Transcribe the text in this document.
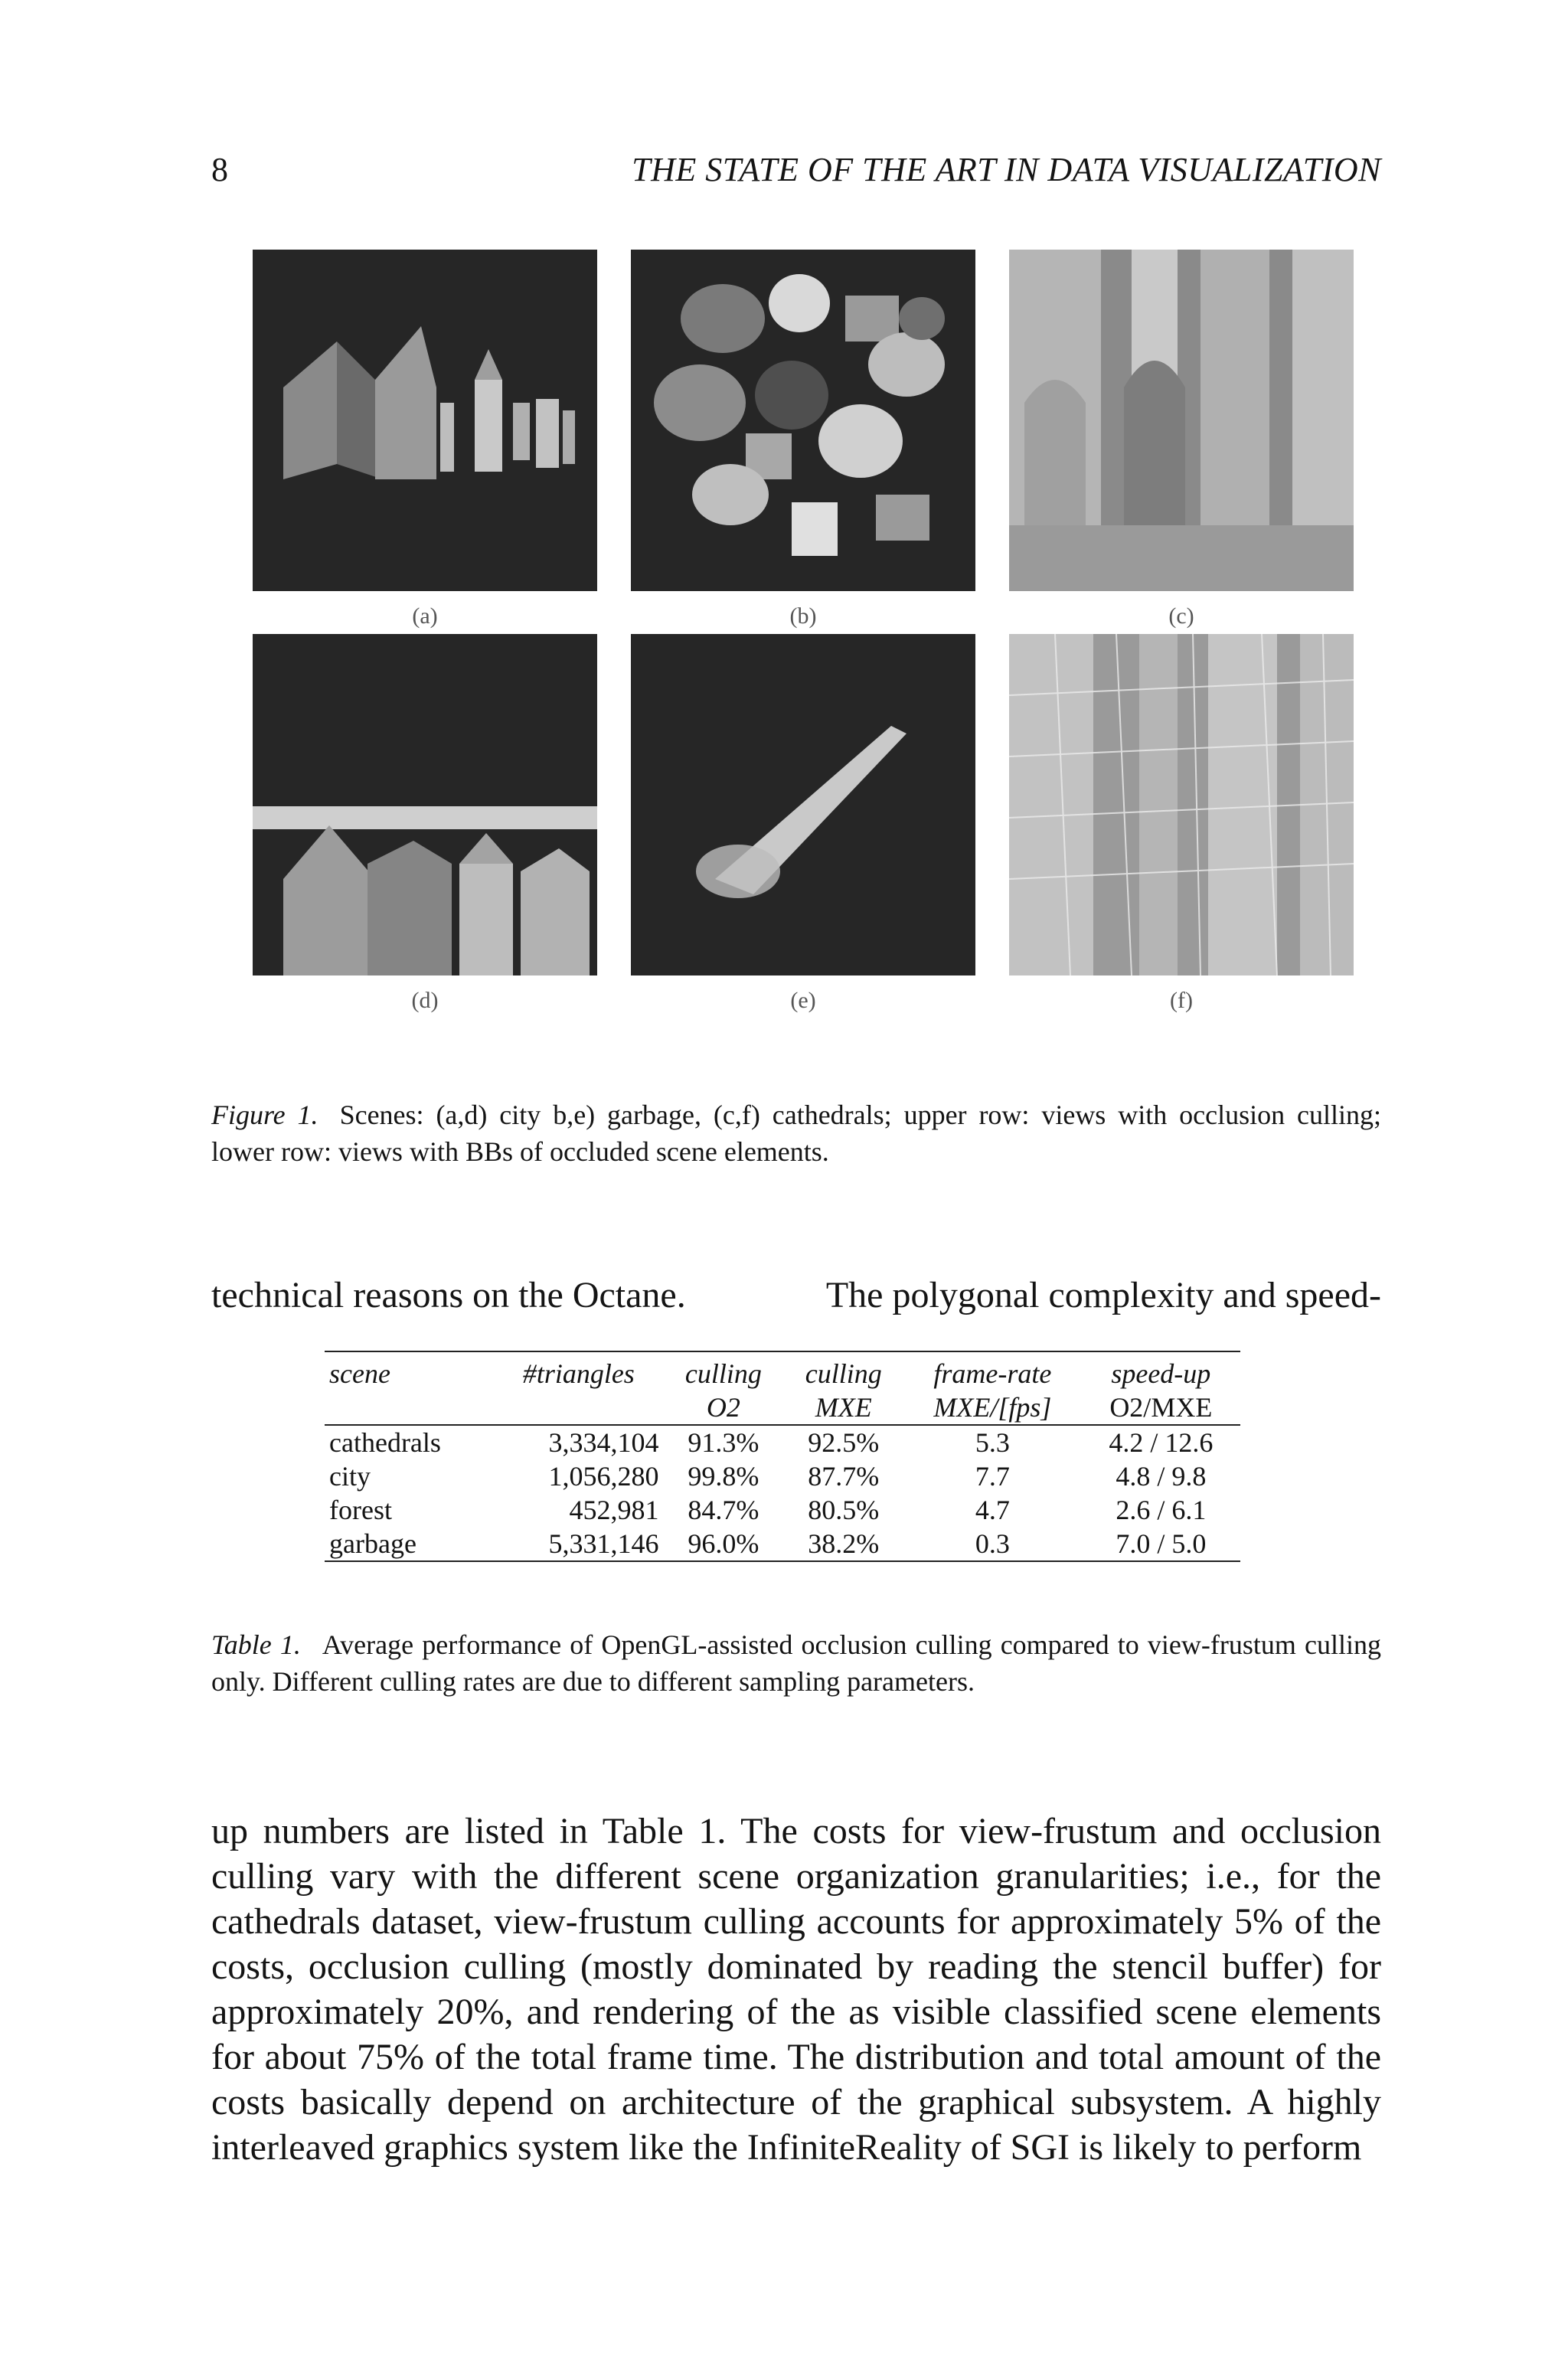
8	THE STATE OF THE ART IN DATA VISUALIZATION
(a)	(b)	(c)
(d)	(e)	(f)
Figure 1. Scenes: (a,d) city b,e) garbage, (c,f) cathedrals; upper row: views with occlusion culling; lower row: views with BBs of occluded scene elements.
technical reasons on the Octane.	The polygonal complexity and speed-
scene	#triangles	culling	culling	frame-rate	speed-up
		O2	MXE	MXE/[fps]	O2/MXE
cathedrals	3,334,104	91.3%	92.5%	5.3	4.2 / 12.6
city	1,056,280	99.8%	87.7%	7.7	4.8 / 9.8
forest	452,981	84.7%	80.5%	4.7	2.6 / 6.1
garbage	5,331,146	96.0%	38.2%	0.3	7.0 / 5.0
Table 1. Average performance of OpenGL-assisted occlusion culling compared to view-frustum culling only. Different culling rates are due to different sampling parameters.
up numbers are listed in Table 1. The costs for view-frustum and occlusion culling vary with the different scene organization granularities; i.e., for the cathedrals dataset, view-frustum culling accounts for approximately 5% of the costs, occlusion culling (mostly dominated by reading the stencil buffer) for approximately 20%, and rendering of the as visible classified scene elements for about 75% of the total frame time. The distribution and total amount of the costs basically depend on architecture of the graphical subsystem. A highly interleaved graphics system like the InfiniteReality of SGI is likely to perform
